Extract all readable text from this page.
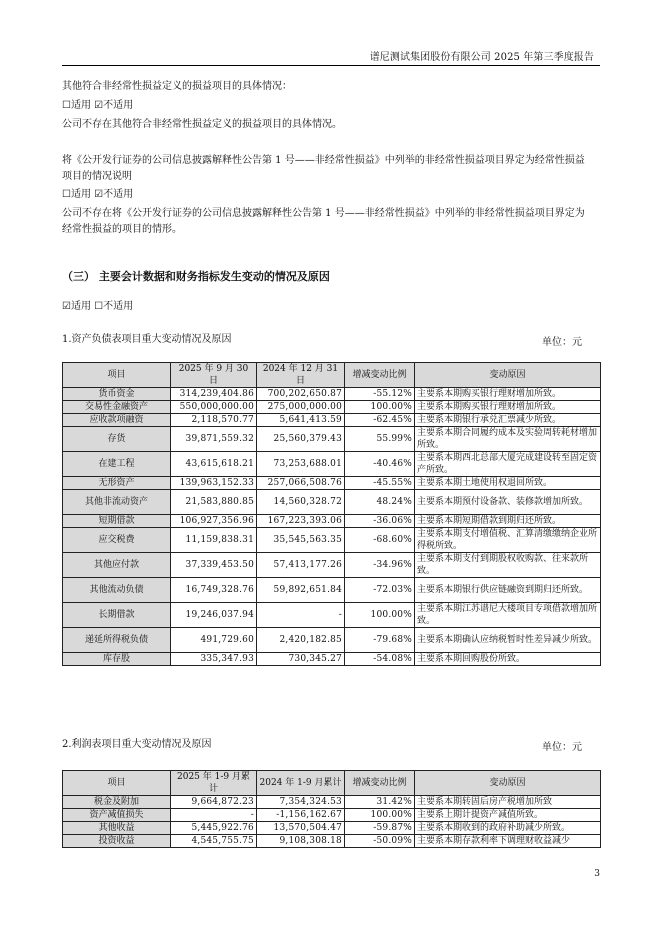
谱尼测试集团股份有限公司 2025 年第三季度报告
其他符合非经常性损益定义的损益项目的具体情况：
☐适用 ☑不适用
公司不存在其他符合非经常性损益定义的损益项目的具体情况。
将《公开发行证券的公司信息披露解释性公告第 1 号——非经常性损益》中列举的非经常性损益项目界定为经常性损益项目的情况说明
☐适用 ☑不适用
公司不存在将《公开发行证券的公司信息披露解释性公告第 1 号——非经常性损益》中列举的非经常性损益项目界定为经常性损益的项目的情形。
（三） 主要会计数据和财务指标发生变动的情况及原因
☑适用 ☐不适用
1.资产负债表项目重大变动情况及原因	单位：元
项目	2025 年 9 月 30 日	2024 年 12 月 31 日	增减变动比例	变动原因
货币资金	314,239,404.86	700,202,650.87	-55.12%	主要系本期购买银行理财增加所致。
交易性金融资产	550,000,000.00	275,000,000.00	100.00%	主要系本期购买银行理财增加所致。
应收款项融资	2,118,570.77	5,641,413.59	-62.45%	主要系本期银行承兑汇票减少所致。
存货	39,871,559.32	25,560,379.43	55.99%	主要系本期合同履约成本及实验周转耗材增加所致。
在建工程	43,615,618.21	73,253,688.01	-40.46%	主要系本期西北总部大厦完成建设转至固定资产所致。
无形资产	139,963,152.33	257,066,508.76	-45.55%	主要系本期土地使用权退回所致。
其他非流动资产	21,583,880.85	14,560,328.72	48.24%	主要系本期预付设备款、装修款增加所致。
短期借款	106,927,356.96	167,223,393.06	-36.06%	主要系本期短期借款到期归还所致。
应交税费	11,159,838.31	35,545,563.35	-68.60%	主要系本期支付增值税、汇算清缴缴纳企业所得税所致。
其他应付款	37,339,453.50	57,413,177.26	-34.96%	主要系本期支付到期股权收购款、往来款所致。
其他流动负债	16,749,328.76	59,892,651.84	-72.03%	主要系本期银行供应链融资到期归还所致。
长期借款	19,246,037.94	-	100.00%	主要系本期江苏谱尼大楼项目专项借款增加所致。
递延所得税负债	491,729.60	2,420,182.85	-79.68%	主要系本期确认应纳税暂时性差异减少所致。
库存股	335,347.93	730,345.27	-54.08%	主要系本期回购股份所致。
2.利润表项目重大变动情况及原因	单位：元
项目	2025 年 1-9 月累计	2024 年 1-9 月累计	增减变动比例	变动原因
税金及附加	9,664,872.23	7,354,324.53	31.42%	主要系本期转固后房产税增加所致
资产减值损失	-	-1,156,162.67	100.00%	主要系上期计提资产减值所致。
其他收益	5,445,922.76	13,570,504.47	-59.87%	主要系本期收到的政府补助减少所致。
投资收益	4,545,755.75	9,108,308.18	-50.09%	主要系本期存款利率下调理财收益减少
3
